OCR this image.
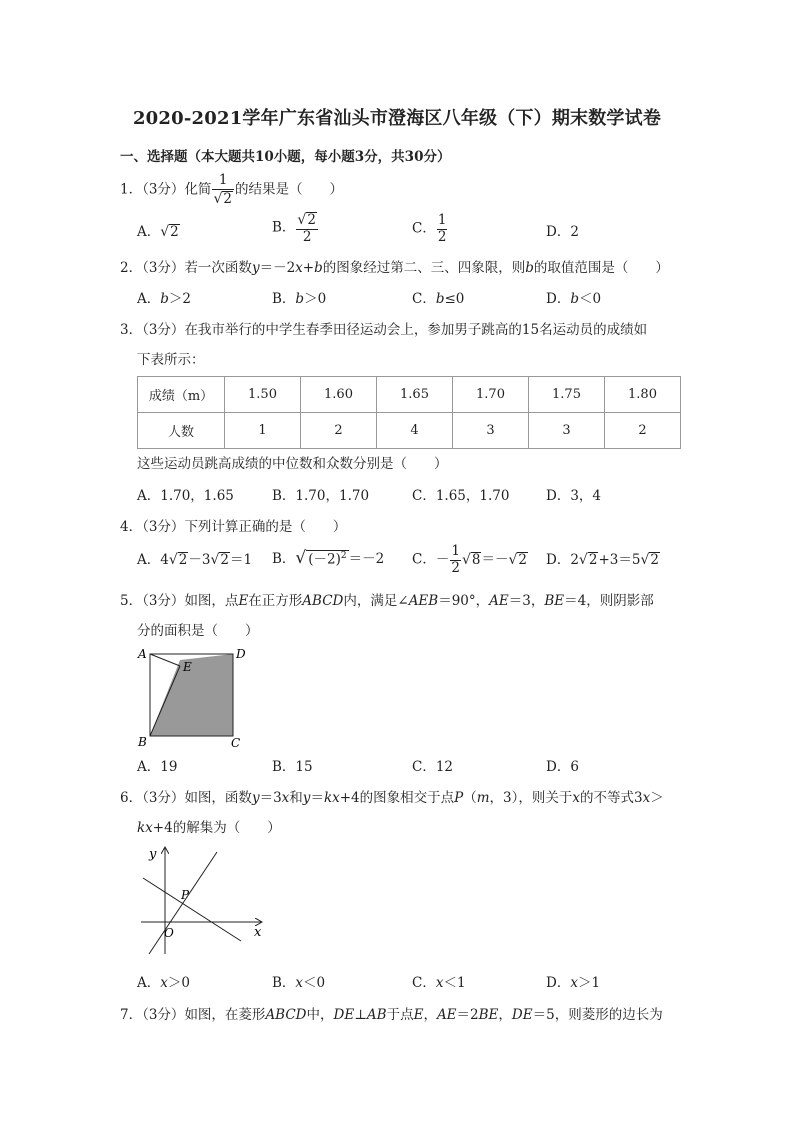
2020-2021学年广东省汕头市澄海区八年级（下）期末数学试卷
一、选择题（本大题共10小题，每小题3分，共30分）
1．（3分）化简 $\frac{1}{√2}$ 的结果是（　　）
A．√2	B． $\frac{√2}{2}$	C． $\frac{1}{2}$	D．2
2．（3分）若一次函数y＝－2x+b的图象经过第二、三、四象限，则b的取值范围是（　　）
A．b＞2	B．b＞0	C．b≤0	D．b＜0
3．（3分）在我市举行的中学生春季田径运动会上，参加男子跳高的15名运动员的成绩如
下表所示：
成绩（m）	1.50	1.60	1.65	1.70	1.75	1.80
人数	1	2	4	3	3	2
这些运动员跳高成绩的中位数和众数分别是（　　）
A．1.70，1.65	B．1.70，1.70	C．1.65，1.70	D．3，4
4．（3分）下列计算正确的是（　　）
A．4√2－3√2＝1 B．√ $(-2)^2 =-2$ C．－ $\frac{1}{2} √8=-√2$ D．2√2+3＝5√2
5．（3分）如图，点E在正方形ABCD内，满足∠AEB＝90°，AE＝3，BE＝4，则阴影部
分的面积是（　　）
A	D
E
B	C
A．19	B．15	C．12	D．6
6．（3分）如图，函数y＝3x和y＝kx+4的图象相交于点P（m，3），则关于x的不等式3x＞
kx+4的解集为（　　）
y
x
P
O
A．x＞0	B．x＜0	C．x＜1	D．x＞1
7．（3分）如图，在菱形ABCD中，DE⊥AB于点E，AE＝2BE，DE＝5，则菱形的边长为
